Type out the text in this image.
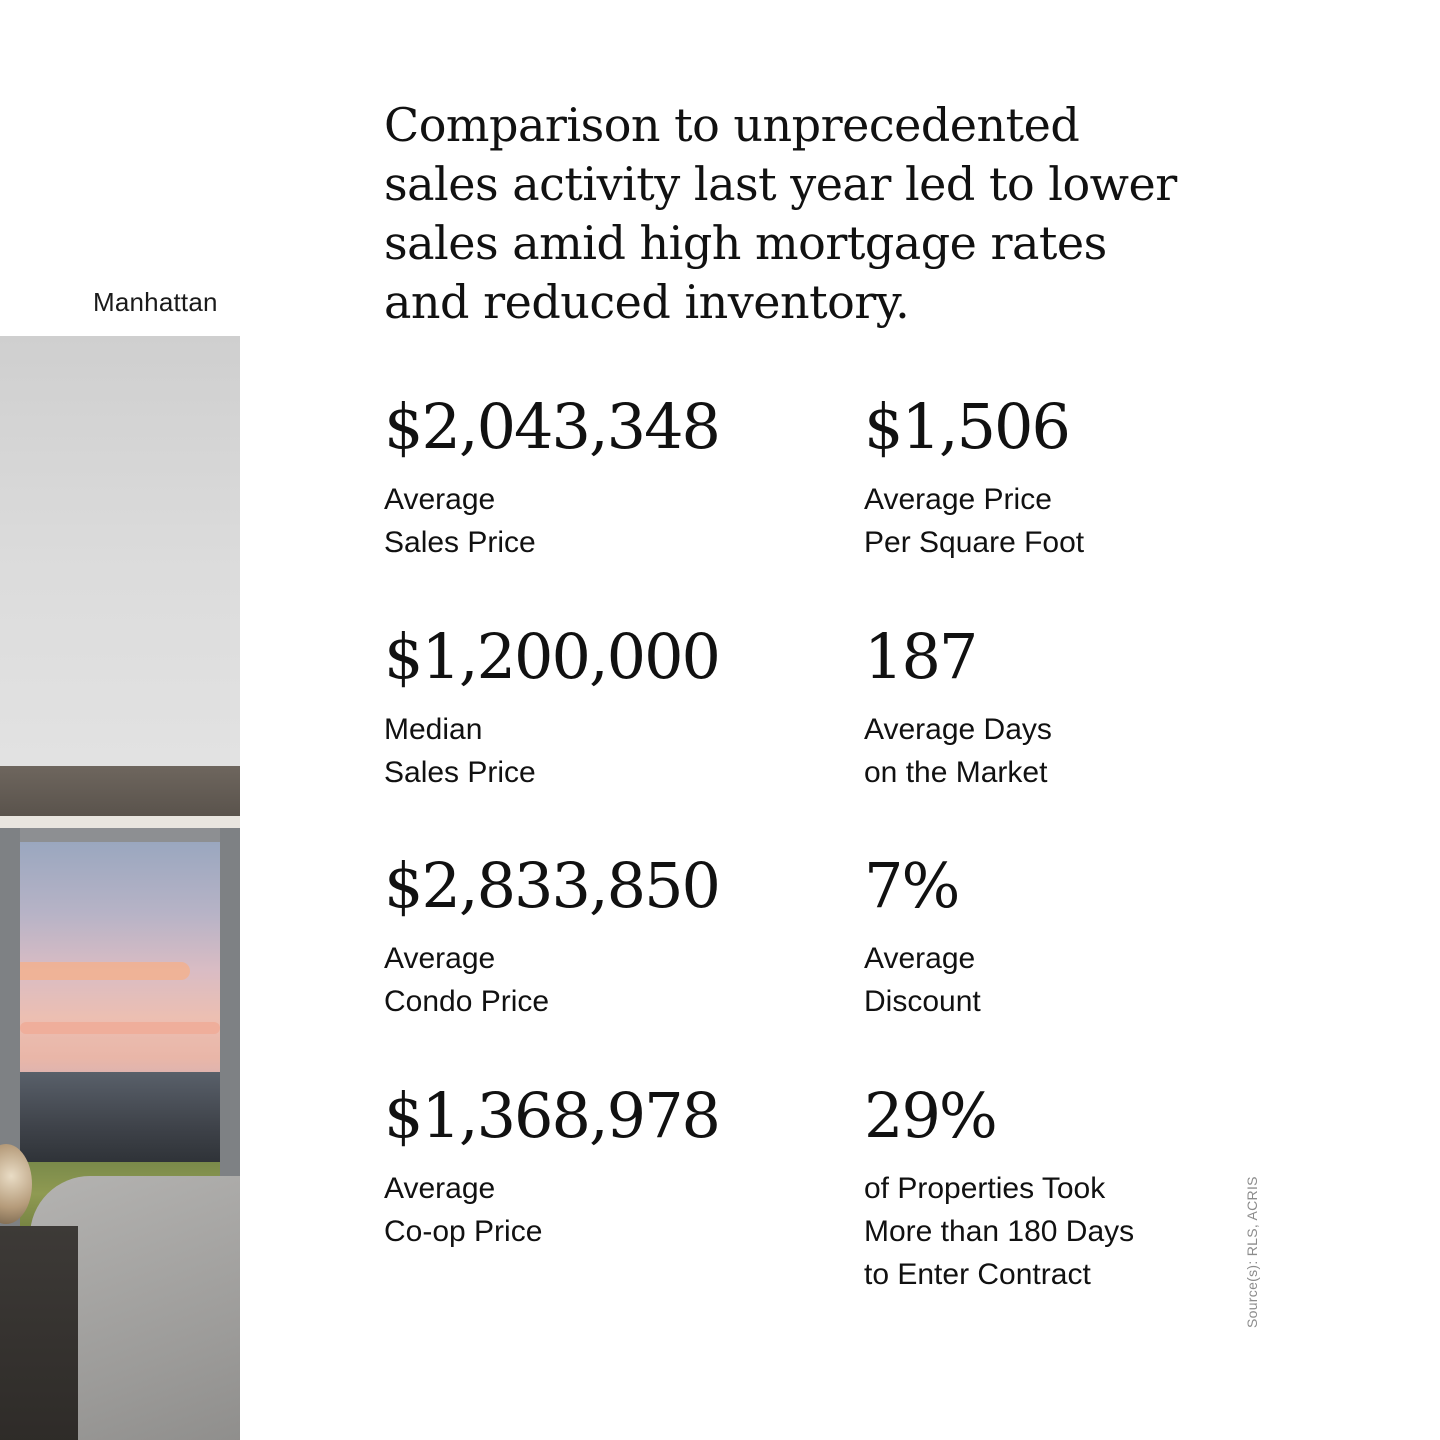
Manhattan
Comparison to unprecedented sales activity last year led to lower sales amid high mortgage rates and reduced inventory.
$2,043,348
Average
Sales Price
$1,200,000
Median
Sales Price
$2,833,850
Average
Condo Price
$1,368,978
Average
Co-op Price
$1,506
Average Price
Per Square Foot
187
Average Days
on the Market
7%
Average
Discount
29%
of Properties Took
More than 180 Days
to Enter Contract	Source(s): RLS, ACRIS
